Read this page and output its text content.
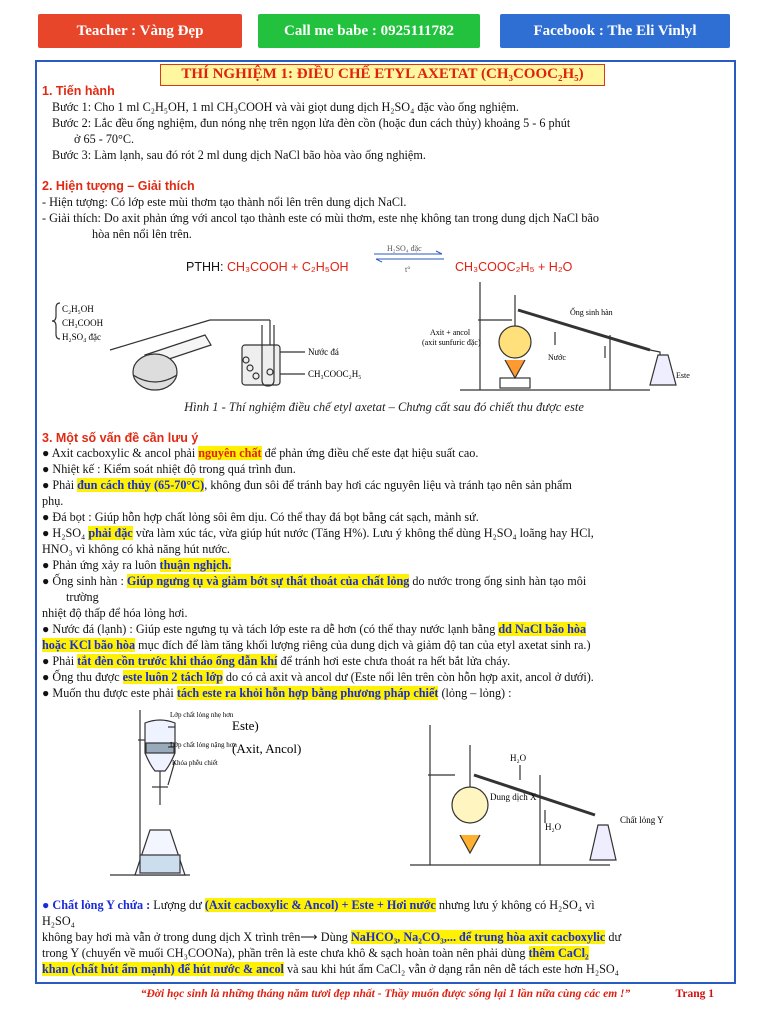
Teacher : Vàng Đẹp	Call me babe : 0925111782	Facebook : The Eli Vinlyl
THÍ NGHIỆM 1: ĐIỀU CHẾ ETYL AXETAT (CH₃COOC₂H₅)
1. Tiến hành
Bước 1: Cho 1 ml C₂H₅OH, 1 ml CH₃COOH và vài giọt dung dịch H₂SO₄ đặc vào ống nghiệm.
Bước 2: Lắc đều ống nghiệm, đun nóng nhẹ trên ngọn lửa đèn cồn (hoặc đun cách thủy) khoảng 5 - 6 phút
ở 65 - 70°C.
Bước 3: Làm lạnh, sau đó rót 2 ml dung dịch NaCl bão hòa vào ống nghiệm.
2. Hiện tượng – Giải thích
- Hiện tượng: Có lớp este mùi thơm tạo thành nổi lên trên dung dịch NaCl.
- Giải thích: Do axit phản ứng với ancol tạo thành este có mùi thơm, este nhẹ không tan trong dung dịch NaCl bão
hòa nên nổi lên trên.
PTHH: CH₃COOH + C₂H₅OH
H₂SO₄ đặc
t°	CH₃COOC₂H₅ + H₂O
C₂H₅OH
CH₃COOH
H₂SO₄ đặc
Nước đá
CH₃COOC₂H₅
Ống sinh hàn
Axit + ancol
(axit sunfuric đặc)
Nước
Este
Hình 1 - Thí nghiệm điều chế etyl axetat – Chưng cất sau đó chiết thu được este
3. Một số vấn đề cần lưu ý
● Axit cacboxylic & ancol phải nguyên chất để phản ứng điều chế este đạt hiệu suất cao.
● Nhiệt kế : Kiểm soát nhiệt độ trong quá trình đun.
● Phải đun cách thủy (65-70°C), không đun sôi để tránh bay hơi các nguyên liệu và tránh tạo nên sản phẩm
phụ.
● Đá bọt : Giúp hỗn hợp chất lỏng sôi êm dịu. Có thể thay đá bọt bằng cát sạch, mảnh sứ.
● H₂SO₄ phải đặc vừa làm xúc tác, vừa giúp hút nước (Tăng H%). Lưu ý không thể dùng H₂SO₄ loãng hay HCl,
HNO₃ vì không có khả năng hút nước.
● Phản ứng xảy ra luôn thuận nghịch.
● Ống sinh hàn : Giúp ngưng tụ và giảm bớt sự thất thoát của chất lỏng do nước trong ống sinh hàn tạo môi
trường
nhiệt độ thấp để hóa lỏng hơi.
● Nước đá (lạnh) : Giúp este ngưng tụ và tách lớp este ra dễ hơn (có thể thay nước lạnh bằng dd NaCl bão hòa
hoặc KCl bão hòa mục đích để làm tăng khối lượng riêng của dung dịch và giảm độ tan của etyl axetat sinh ra.)
● Phải tắt đèn cồn trước khi tháo ống dẫn khí để tránh hơi este chưa thoát ra hết bắt lửa cháy.
● Ống thu được este luôn 2 tách lớp do có cả axit và ancol dư (Este nổi lên trên còn hỗn hợp axit, ancol ở dưới).
● Muốn thu được este phải tách este ra khỏi hỗn hợp bằng phương pháp chiết (lỏng – lỏng) :
Lớp chất lỏng nhẹ hơn
Lớp chất lỏng nặng hơn
Khóa phễu chiết
Este)
(Axit, Ancol)
H₂O
Dung dịch X
H₂O
Chất lỏng Y
● Chất lỏng Y chứa : Lượng dư (Axit cacboxylic & Ancol) + Este + Hơi nước nhưng lưu ý không có H₂SO₄ vì
H₂SO₄
không bay hơi mà vẫn ở trong dung dịch X trình trên⟶ Dùng NaHCO₃, Na₂CO₃,... để trung hòa axit cacboxylic dư
trong Y (chuyển về muối CH₃COONa), phần trên là este chưa khô & sạch hoàn toàn nên phải dùng thêm CaCl₂
khan (chất hút ẩm mạnh) để hút nước & ancol và sau khi hút ẩm CaCl₂ vẫn ở dạng rắn nên dễ tách este hơn H₂SO₄
“Đời học sinh là những tháng năm tươi đẹp nhất - Thầy muốn được sống lại 1 lần nữa cùng các em !”	Trang 1
